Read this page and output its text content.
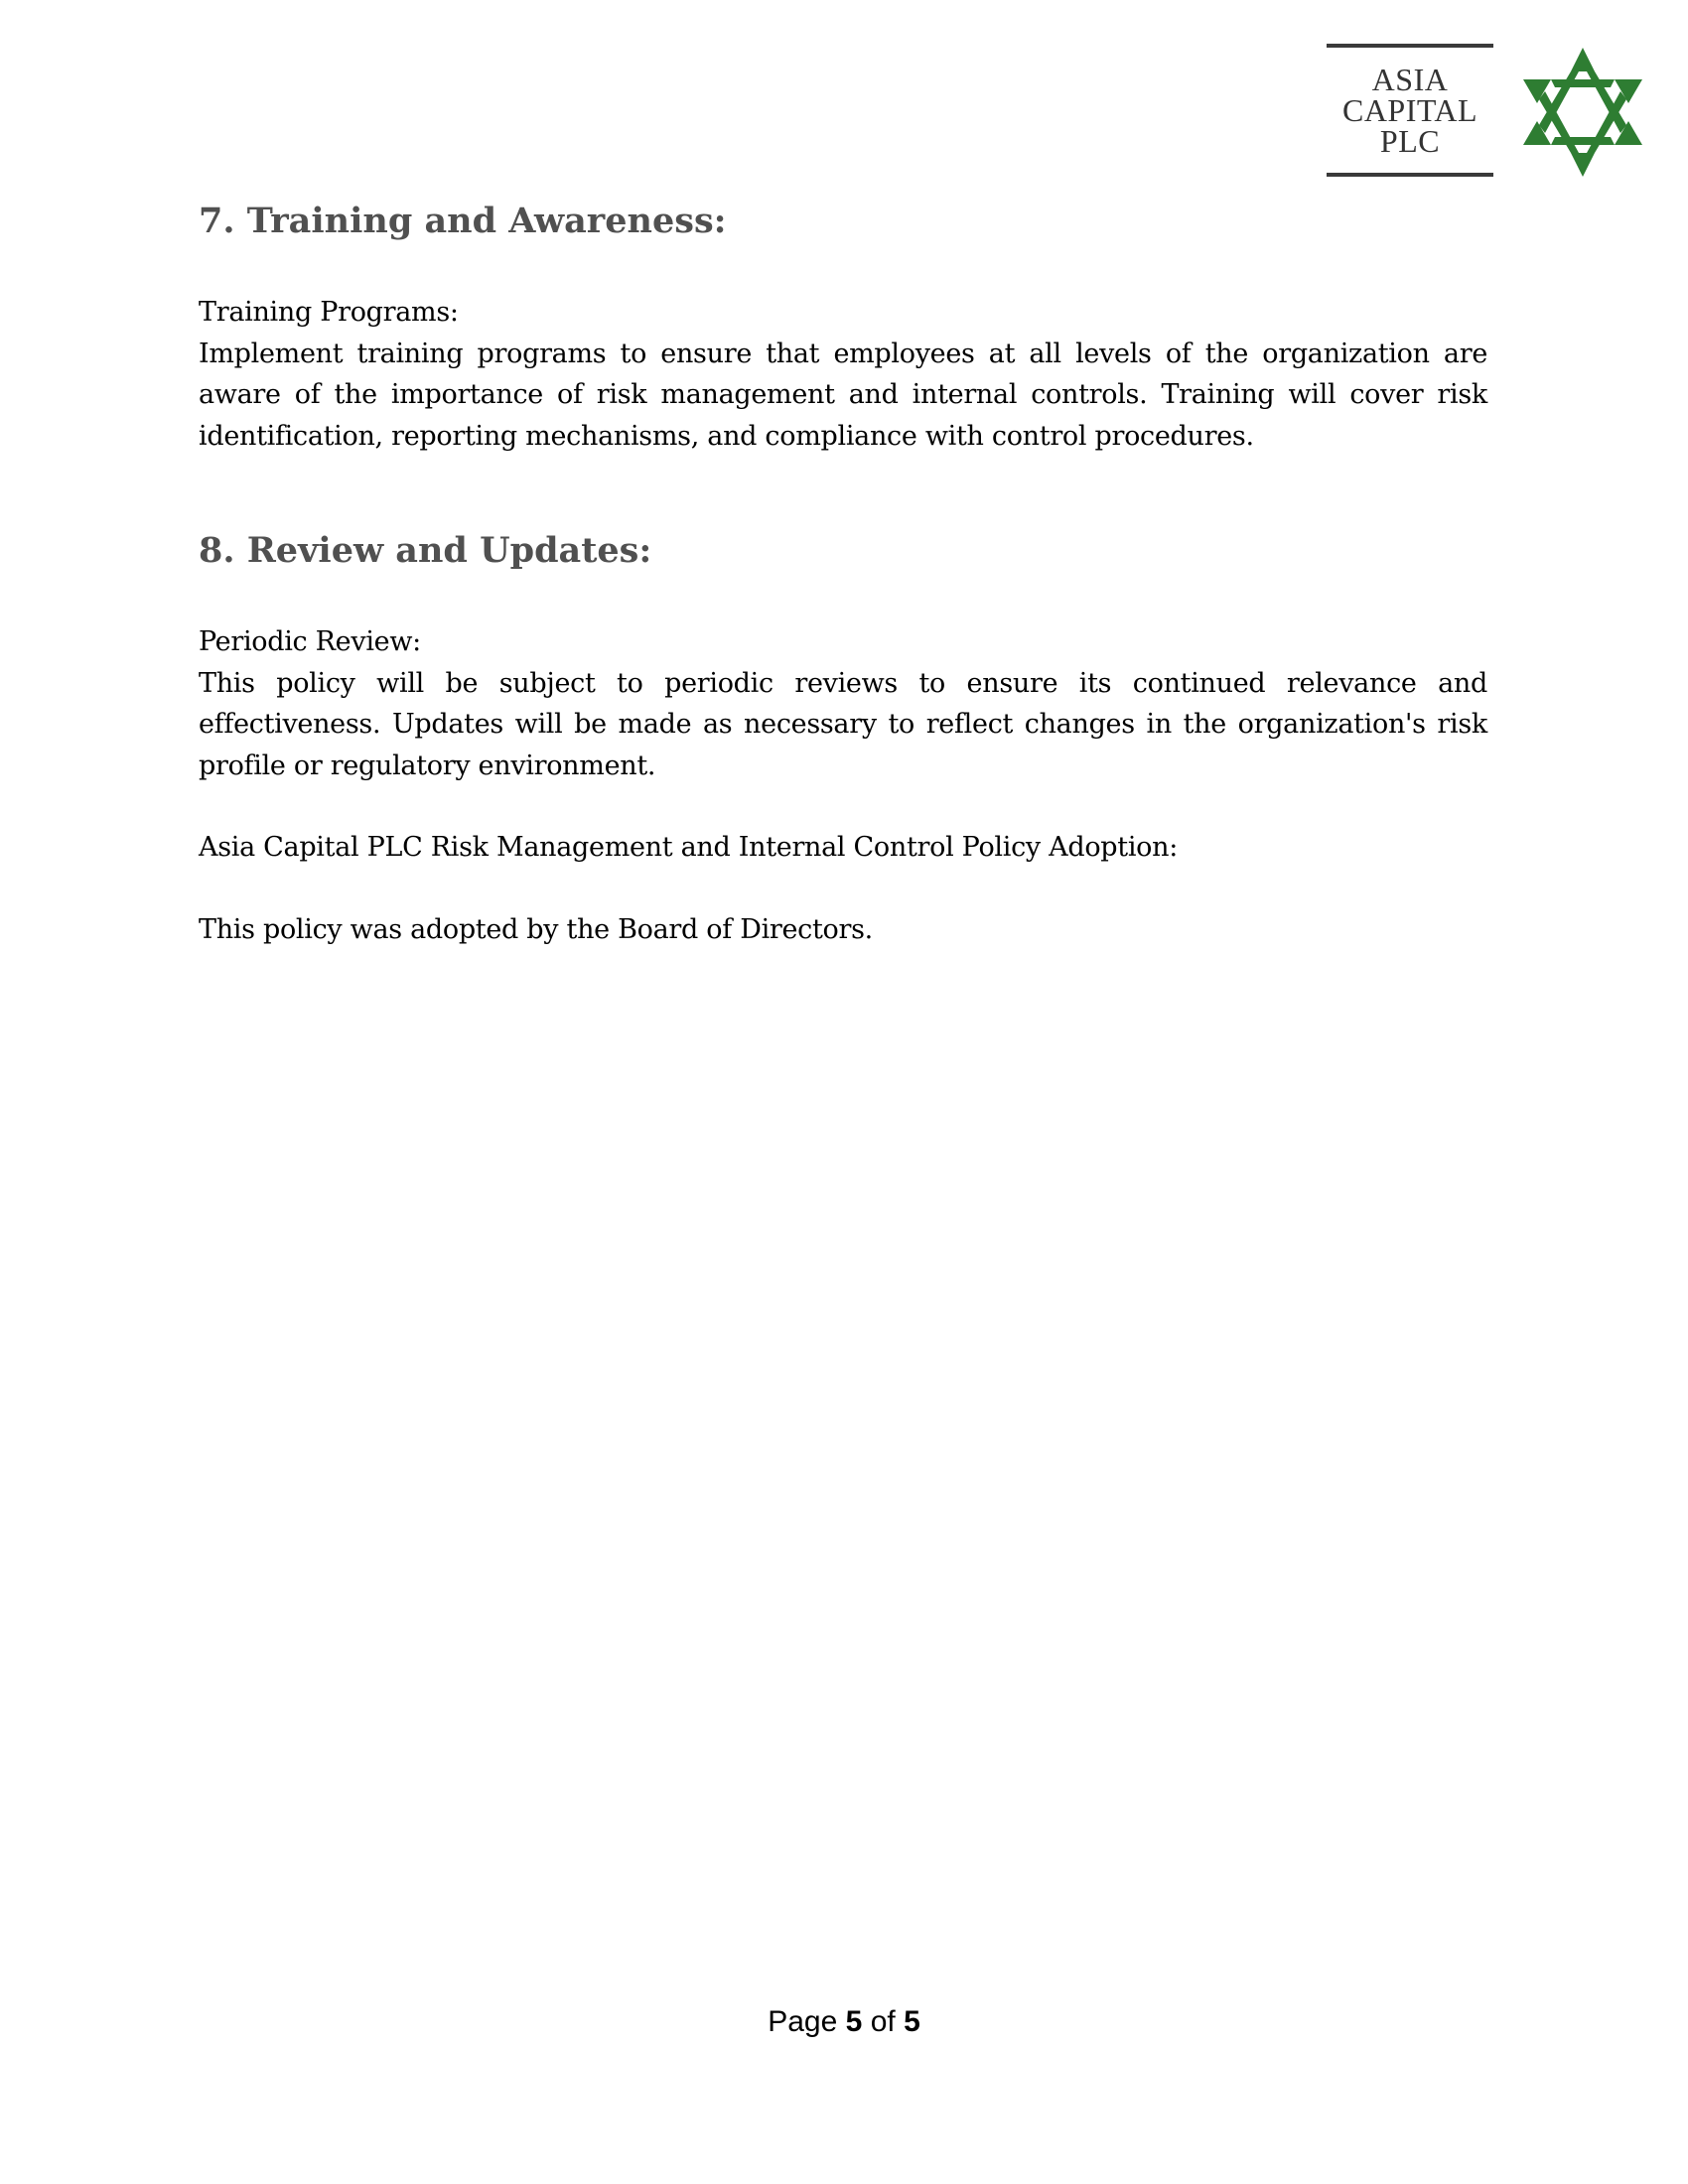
ASIA
CAPITAL
PLC
7. Training and Awareness:

Training Programs:

Implement training programs to ensure that employees at all levels of the organization are aware of the importance of risk management and internal controls. Training will cover risk identification, reporting mechanisms, and compliance with control procedures.

8. Review and Updates:

Periodic Review:

This policy will be subject to periodic reviews to ensure its continued relevance and effectiveness. Updates will be made as necessary to reflect changes in the organization's risk profile or regulatory environment.

Asia Capital PLC Risk Management and Internal Control Policy Adoption:

This policy was adopted by the Board of Directors.

Page 5 of 5
